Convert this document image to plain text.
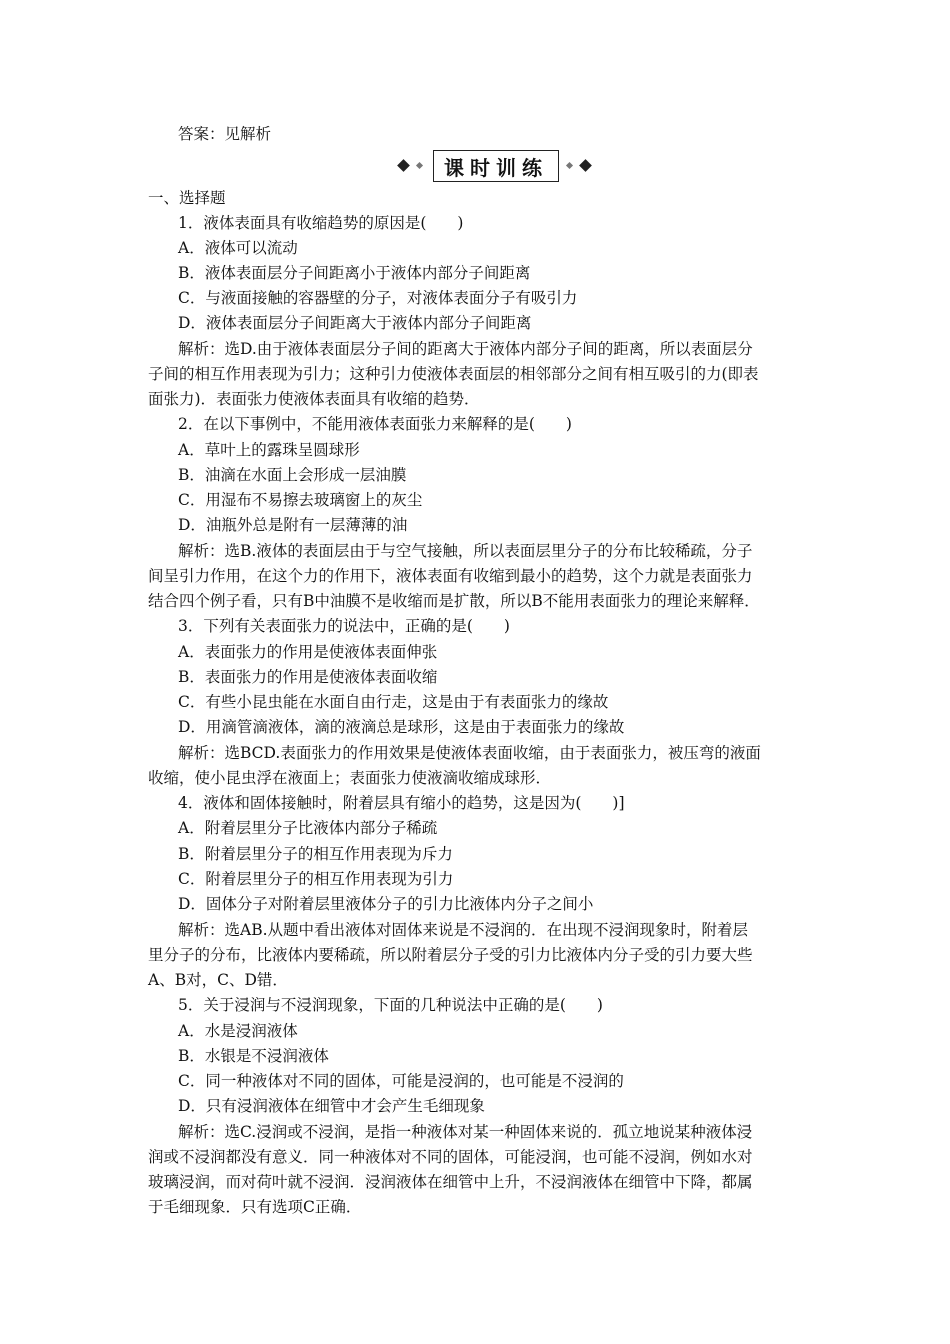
答案：见解析
课时训练
一、选择题
1．液体表面具有收缩趋势的原因是(　　)
A．液体可以流动
B．液体表面层分子间距离小于液体内部分子间距离
C．与液面接触的容器壁的分子，对液体表面分子有吸引力
D．液体表面层分子间距离大于液体内部分子间距离
解析：选D.由于液体表面层分子间的距离大于液体内部分子间的距离，所以表面层分
子间的相互作用表现为引力；这种引力使液体表面层的相邻部分之间有相互吸引的力(即表
面张力)．表面张力使液体表面具有收缩的趋势．
2．在以下事例中，不能用液体表面张力来解释的是(　　)
A．草叶上的露珠呈圆球形
B．油滴在水面上会形成一层油膜
C．用湿布不易擦去玻璃窗上的灰尘
D．油瓶外总是附有一层薄薄的油
解析：选B.液体的表面层由于与空气接触，所以表面层里分子的分布比较稀疏，分子
间呈引力作用，在这个力的作用下，液体表面有收缩到最小的趋势，这个力就是表面张力
结合四个例子看，只有B中油膜不是收缩而是扩散，所以B不能用表面张力的理论来解释．
3．下列有关表面张力的说法中，正确的是(　　)
A．表面张力的作用是使液体表面伸张
B．表面张力的作用是使液体表面收缩
C．有些小昆虫能在水面自由行走，这是由于有表面张力的缘故
D．用滴管滴液体，滴的液滴总是球形，这是由于表面张力的缘故
解析：选BCD.表面张力的作用效果是使液体表面收缩，由于表面张力，被压弯的液面
收缩，使小昆虫浮在液面上；表面张力使液滴收缩成球形．
4．液体和固体接触时，附着层具有缩小的趋势，这是因为(　　)]
A．附着层里分子比液体内部分子稀疏
B．附着层里分子的相互作用表现为斥力
C．附着层里分子的相互作用表现为引力
D．固体分子对附着层里液体分子的引力比液体内分子之间小
解析：选AB.从题中看出液体对固体来说是不浸润的．在出现不浸润现象时，附着层
里分子的分布，比液体内要稀疏，所以附着层分子受的引力比液体内分子受的引力要大些
A、B对，C、D错．
5．关于浸润与不浸润现象，下面的几种说法中正确的是(　　)
A．水是浸润液体
B．水银是不浸润液体
C．同一种液体对不同的固体，可能是浸润的，也可能是不浸润的
D．只有浸润液体在细管中才会产生毛细现象
解析：选C.浸润或不浸润，是指一种液体对某一种固体来说的．孤立地说某种液体浸
润或不浸润都没有意义．同一种液体对不同的固体，可能浸润，也可能不浸润，例如水对
玻璃浸润，而对荷叶就不浸润．浸润液体在细管中上升，不浸润液体在细管中下降，都属
于毛细现象．只有选项C正确．
